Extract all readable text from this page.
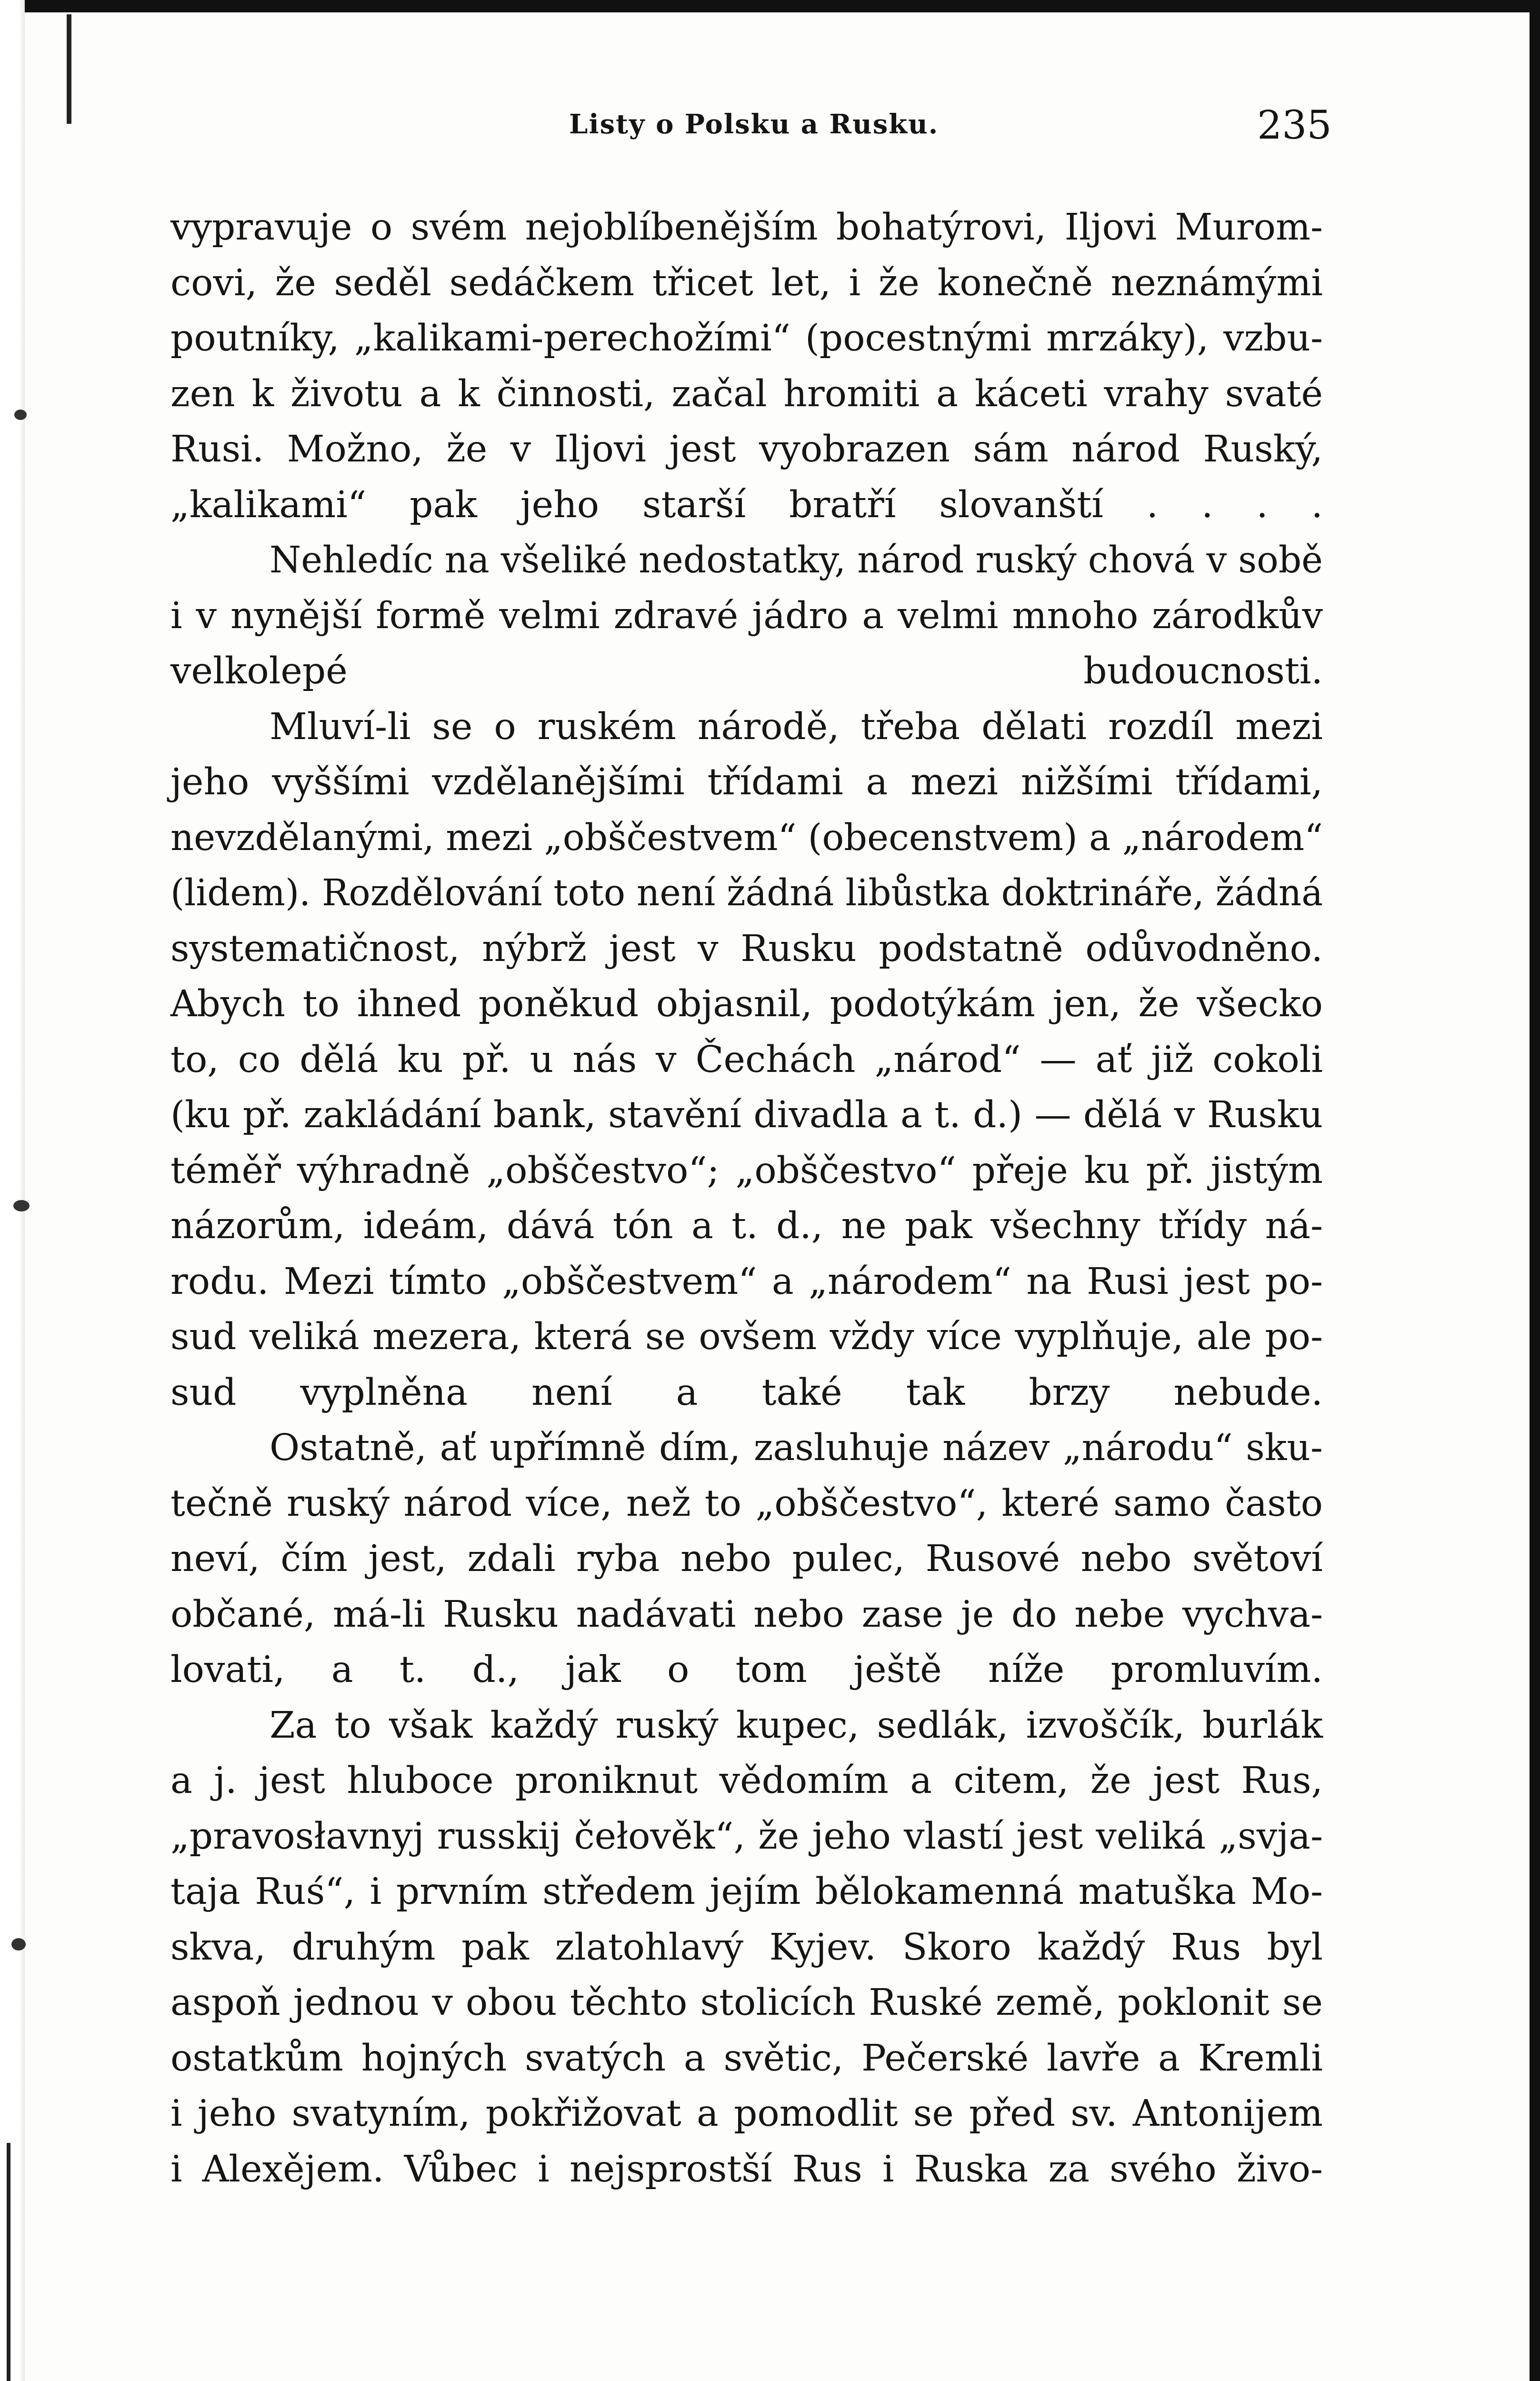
Listy o Polsku a Rusku.	235

vypravuje o svém nejoblíbenějším bohatýrovi, Iljovi Murom-
covi, že seděl sedáčkem třicet let, i že konečně neznámými
poutníky, „kalikami-perechožími“ (pocestnými mrzáky), vzbu-
zen k životu a k činnosti, začal hromiti a káceti vrahy svaté
Rusi. Možno, že v Iljovi jest vyobrazen sám národ Ruský,
„kalikami“ pak jeho starší bratří slovanští . . . .

Nehledíc na všeliké nedostatky, národ ruský chová v sobě
i v nynější formě velmi zdravé jádro a velmi mnoho zárodkův
velkolepé budoucnosti.

Mluví-li se o ruském národě, třeba dělati rozdíl mezi
jeho vyššími vzdělanějšími třídami a mezi nižšími třídami,
nevzdělanými, mezi „obščestvem“ (obecenstvem) a „národem“
(lidem). Rozdělování toto není žádná libůstka doktrináře, žádná
systematičnost, nýbrž jest v Rusku podstatně odůvodněno.
Abych to ihned poněkud objasnil, podotýkám jen, že všecko
to, co dělá ku př. u nás v Čechách „národ“ — ať již cokoli
(ku př. zakládání bank, stavění divadla a t. d.) — dělá v Rusku
téměř výhradně „obščestvo“; „obščestvo“ přeje ku př. jistým
názorům, ideám, dává tón a t. d., ne pak všechny třídy ná-
rodu. Mezi tímto „obščestvem“ a „národem“ na Rusi jest po-
sud veliká mezera, která se ovšem vždy více vyplňuje, ale po-
sud vyplněna není a také tak brzy nebude.

Ostatně, ať upřímně dím, zasluhuje název „národu“ sku-
tečně ruský národ více, než to „obščestvo“, které samo často
neví, čím jest, zdali ryba nebo pulec, Rusové nebo světoví
občané, má-li Rusku nadávati nebo zase je do nebe vychva-
lovati, a t. d., jak o tom ještě níže promluvím.

Za to však každý ruský kupec, sedlák, izvoščík, burlák
a j. jest hluboce proniknut vědomím a citem, že jest Rus,
„pravosłavnyj russkij čełověk“, že jeho vlastí jest veliká „svja-
taja Ruś“, i prvním středem jejím bělokamenná matuška Mo-
skva, druhým pak zlatohlavý Kyjev. Skoro každý Rus byl
aspoň jednou v obou těchto stolicích Ruské země, poklonit se
ostatkům hojných svatých a světic, Pečerské lavře a Kremli
i jeho svatyním, pokřižovat a pomodlit se před sv. Antonijem
i Alexějem. Vůbec i nejsprostší Rus i Ruska za svého živo-
